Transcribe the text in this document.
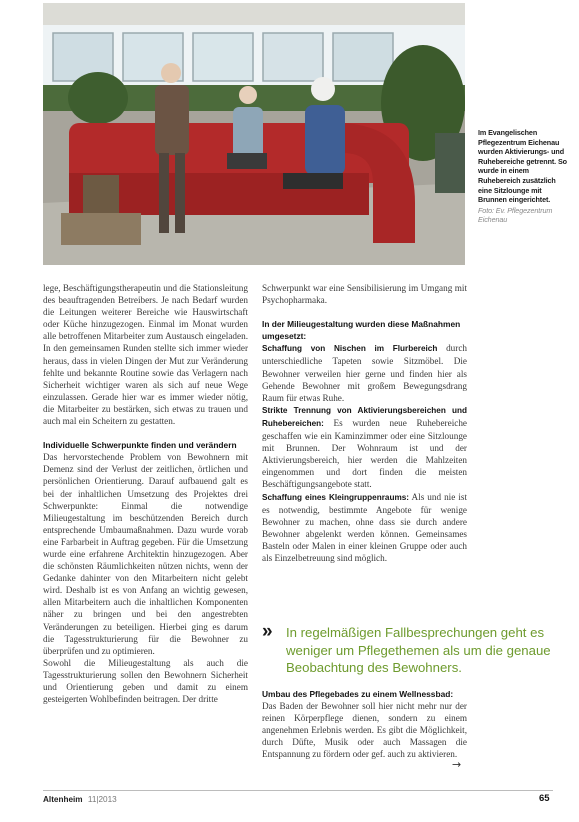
Im Evangelischen Pflegezentrum Eichenau wurden Aktivierungs- und Ruhebereiche getrennt. So wurde in einem Ruhebereich zusätzlich eine Sitzlounge mit Brunnen eingerichtet.
Foto: Ev. Pflegezentrum Eichenau

lege, Beschäftigungstherapeutin und die Stationsleitung des beauftragenden Betreibers. Je nach Bedarf wurden die Leitungen weiterer Bereiche wie Hauswirtschaft oder Küche hinzugezogen. Einmal im Monat wurden alle betroffenen Mitarbeiter zum Austausch eingeladen. In den gemeinsamen Runden stellte sich immer wieder heraus, dass in vielen Dingen der Mut zur Veränderung fehlte und bekannte Routine sowie das Verlagern nach Sicherheit wichtiger waren als sich auf neue Wege einzulassen. Gerade hier war es immer wieder nötig, die Mitarbeiter zu bestärken, sich etwas zu trauen und auch mal ein Scheitern zu gestatten.

Individuelle Schwerpunkte finden und verändern

Das hervorstechende Problem von Bewohnern mit Demenz sind der Verlust der zeitlichen, örtlichen und persönlichen Orientierung. Darauf aufbauend galt es bei der inhaltlichen Umsetzung des Projektes drei Schwerpunkte: Einmal die notwendige Milieugestaltung im beschützenden Bereich durch entsprechende Umbaumaßnahmen. Dazu wurde vorab eine Farbarbeit in Auftrag gegeben. Für die Umsetzung wurde eine erfahrene Architektin hinzugezogen. Aber die schönsten Räumlichkeiten nützen nichts, wenn der Gedanke dahinter von den Mitarbeitern nicht gelebt wird. Deshalb ist es von Anfang an wichtig gewesen, allen Mitarbeitern auch die inhaltlichen Komponenten näher zu bringen und bei den angestrebten Veränderungen zu beteiligen. Hierbei ging es darum die Tagesstrukturierung für die Bewohner zu überprüfen und zu optimieren.

Sowohl die Milieugestaltung als auch die Tagesstrukturierung sollen den Bewohnern Sicherheit und Orientierung geben und damit zu einem gesteigerten Wohlbefinden beitragen. Der dritte

Schwerpunkt war eine Sensibilisierung im Umgang mit Psychopharmaka.

In der Milieugestaltung wurden diese Maßnahmen umgesetzt:

Schaffung von Nischen im Flurbereich durch unterschiedliche Tapeten sowie Sitzmöbel. Die Bewohner verweilen hier gerne und finden hier als Gehende Bewohner mit großem Bewegungsdrang Raum für etwas Ruhe.

Strikte Trennung von Aktivierungsbereichen und Ruhebereichen: Es wurden neue Ruhebereiche geschaffen wie ein Kaminzimmer oder eine Sitzlounge mit Brunnen. Der Wohnraum ist und der Aktivierungsbereich, hier werden die Mahlzeiten eingenommen und dort finden die meisten Beschäftigungsangebote statt.

Schaffung eines Kleingruppenraums: Als und nie ist es notwendig, bestimmte Angebote für wenige Bewohner zu machen, ohne dass sie durch andere Bewohner abgelenkt werden können. Gemeinsames Basteln oder Malen in einer kleinen Gruppe oder auch als Einzelbetreuung sind möglich.

» In regelmäßigen Fallbesprechungen geht es weniger um Pflegethemen als um die genaue Beobachtung des Bewohners.
Umbau des Pflegebades zu einem Wellnessbad:

Das Baden der Bewohner soll hier nicht mehr nur der reinen Körperpflege dienen, sondern zu einem angenehmen Erlebnis werden. Es gibt die Möglichkeit, durch Düfte, Musik oder auch Massagen die Entspannung zu fördern oder gef. auch zu aktivieren.

→
Altenheim 11|2013	65
